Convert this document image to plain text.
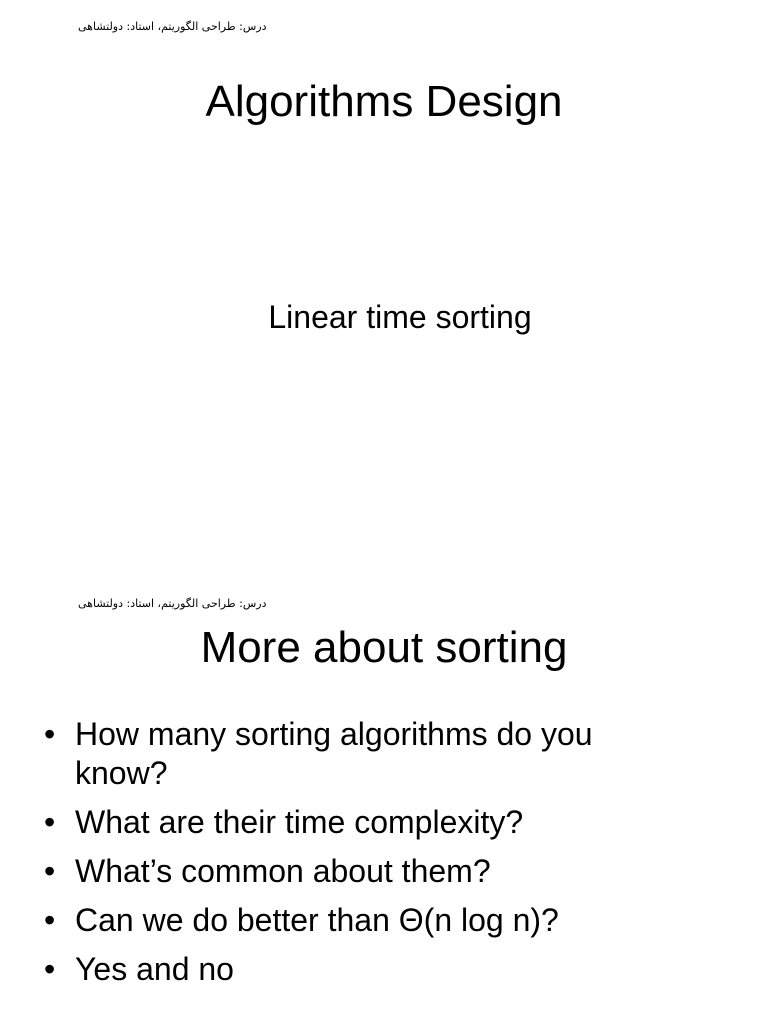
درس: طراحی الگوریتم، استاد: دولتشاهی
Algorithms Design
Linear time sorting
درس: طراحی الگوریتم، استاد: دولتشاهی
More about sorting
• How many sorting algorithms do you know?
• What are their time complexity?
• What’s common about them?
• Can we do better than Θ(n log n)?
• Yes and no
